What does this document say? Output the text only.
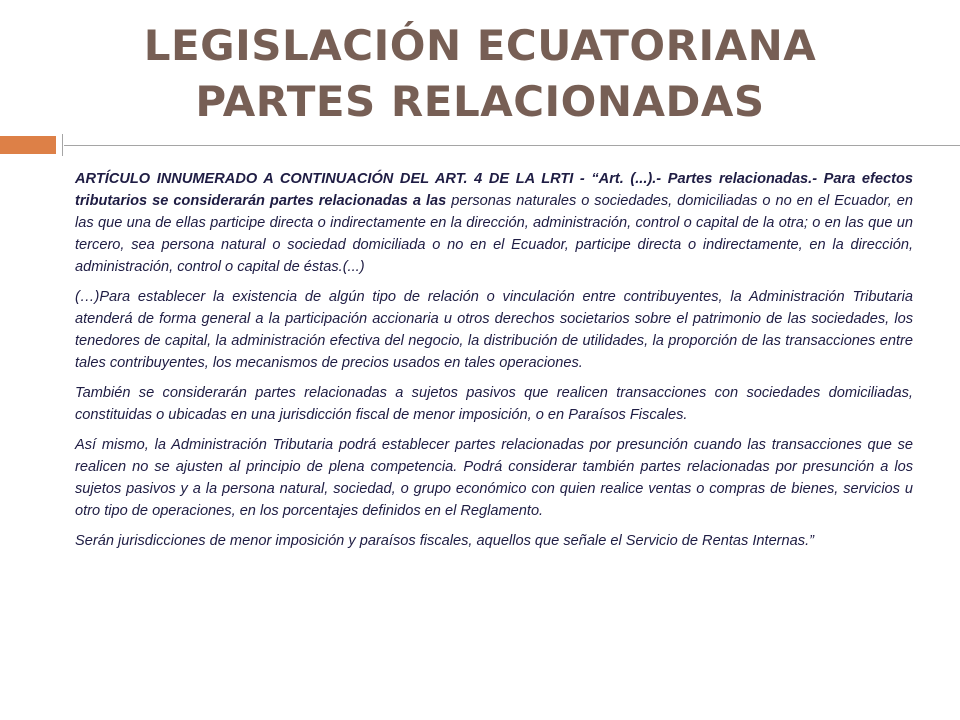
LEGISLACIÓN ECUATORIANA
PARTES RELACIONADAS

ARTÍCULO INNUMERADO A CONTINUACIÓN DEL ART. 4 DE LA LRTI - “Art. (...).- Partes relacionadas.- Para efectos tributarios se considerarán partes relacionadas a las personas naturales o sociedades, domiciliadas o no en el Ecuador, en las que una de ellas participe directa o indirectamente en la dirección, administración, control o capital de la otra; o en las que un tercero, sea persona natural o sociedad domiciliada o no en el Ecuador, participe directa o indirectamente, en la dirección, administración, control o capital de éstas.(...)

(…)Para establecer la existencia de algún tipo de relación o vinculación entre contribuyentes, la Administración Tributaria atenderá de forma general a la participación accionaria u otros derechos societarios sobre el patrimonio de las sociedades, los tenedores de capital, la administración efectiva del negocio, la distribución de utilidades, la proporción de las transacciones entre tales contribuyentes, los mecanismos de precios usados en tales operaciones.

También se considerarán partes relacionadas a sujetos pasivos que realicen transacciones con sociedades domiciliadas, constituidas o ubicadas en una jurisdicción fiscal de menor imposición, o en Paraísos Fiscales.

Así mismo, la Administración Tributaria podrá establecer partes relacionadas por presunción cuando las transacciones que se realicen no se ajusten al principio de plena competencia. Podrá considerar también partes relacionadas por presunción a los sujetos pasivos y a la persona natural, sociedad, o grupo económico con quien realice ventas o compras de bienes, servicios u otro tipo de operaciones, en los porcentajes definidos en el Reglamento.

Serán jurisdicciones de menor imposición y paraísos fiscales, aquellos que señale el Servicio de Rentas Internas.”
